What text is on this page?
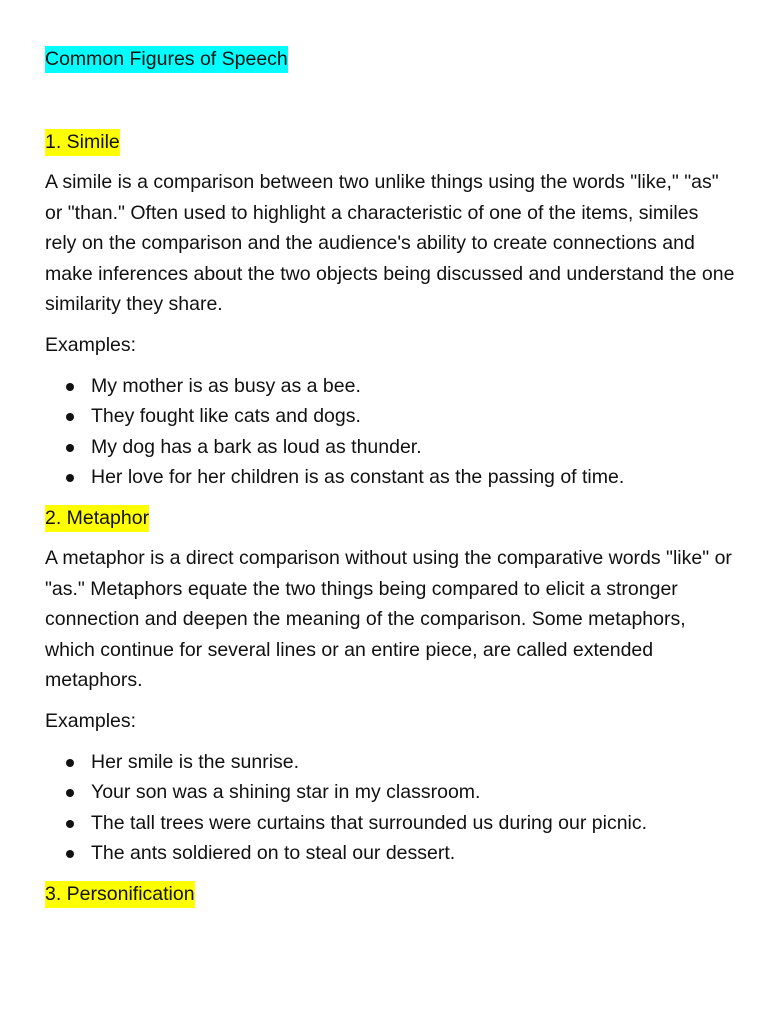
Common Figures of Speech

1. Simile

A simile is a comparison between two unlike things using the words "like," "as" or "than." Often used to highlight a characteristic of one of the items, similes rely on the comparison and the audience's ability to create connections and make inferences about the two objects being discussed and understand the one similarity they share.

Examples:

My mother is as busy as a bee.
They fought like cats and dogs.
My dog has a bark as loud as thunder.
Her love for her children is as constant as the passing of time.

2. Metaphor

A metaphor is a direct comparison without using the comparative words "like" or "as." Metaphors equate the two things being compared to elicit a stronger connection and deepen the meaning of the comparison. Some metaphors, which continue for several lines or an entire piece, are called extended metaphors.

Examples:

Her smile is the sunrise.
Your son was a shining star in my classroom.
The tall trees were curtains that surrounded us during our picnic.
The ants soldiered on to steal our dessert.

3. Personification
